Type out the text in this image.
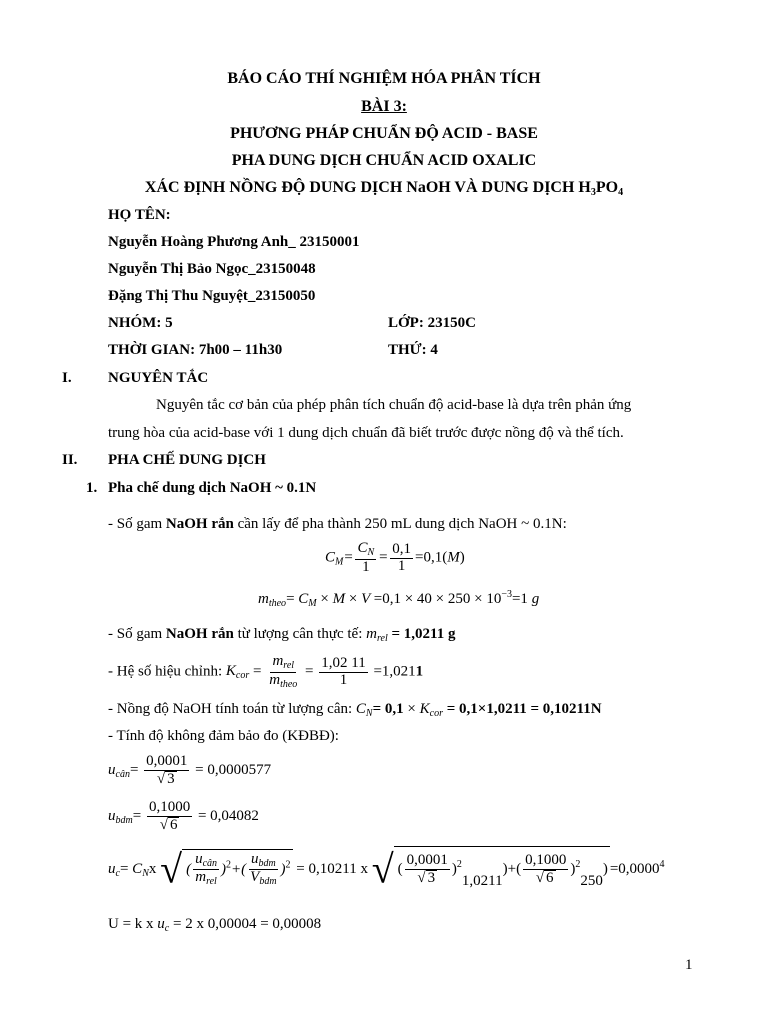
BÁO CÁO THÍ NGHIỆM HÓA PHÂN TÍCH
BÀI 3:
PHƯƠNG PHÁP CHUẨN ĐỘ ACID - BASE
PHA DUNG DỊCH CHUẨN ACID OXALIC
XÁC ĐỊNH NỒNG ĐỘ DUNG DỊCH NaOH VÀ DUNG DỊCH $H_3PO_4$
HỌ TÊN:
Nguyễn Hoàng Phương Anh_ 23150001
Nguyễn Thị Bảo Ngọc_23150048
Đặng Thị Thu Nguyệt_23150050
NHÓM: 5	LỚP: 23150C
THỜI GIAN: 7h00 – 11h30	THỨ: 4
I. NGUYÊN TẮC
Nguyên tắc cơ bản của phép phân tích chuẩn độ acid-base là dựa trên phản ứng
trung hòa của acid-base với 1 dung dịch chuẩn đã biết trước được nồng độ và thể tích.
II. PHA CHẾ DUNG DỊCH
1. Pha chế dung dịch NaOH ~ 0.1N
- Số gam NaOH rắn cần lấy để pha thành 250 mL dung dịch NaOH ~ 0.1N:
$C_M= \frac{C_N}{1} = \frac{0,1}{1} =0,1(M)$
$m_{theo}= C_M \times M \times V =0,1 \times 40 \times 250 \times 10^{-3}=1$ g
- Số gam NaOH rắn từ lượng cân thực tế: $m_{rel} = 1,0211$ g
- Hệ số hiệu chỉnh: $K_{cor} = \frac{m_{rel}}{m_{theo}} = \frac{1,02 11}{1} =1,0211$
- Nồng độ NaOH tính toán từ lượng cân: $C_N= 0,1 \times K_{cor} = 0,1\times 1,0211 = 0,10211N$
- Tính độ không đảm bảo đo (KĐBĐ):
$u_{cân}= \frac{0,0001}{√ 3} = 0,0000577$
$u_{bdm}= \frac{0,1000}{√ 6} = 0,04082$
$u_c= C_Nx$ √ ( $\frac{u_{cân}}{m_{rel}} )^2+( \frac{u_{bdm}}{V_{bdm}} )^2 = 0,10211$ x √ ( $\frac{0,0001}{√ 3} )^21,0211)+( \frac{0,1000}{√ 6} )^2250) =0,0000^4$
U = k x $u_c = 2$ x 0,00004 = 0,00008
1
